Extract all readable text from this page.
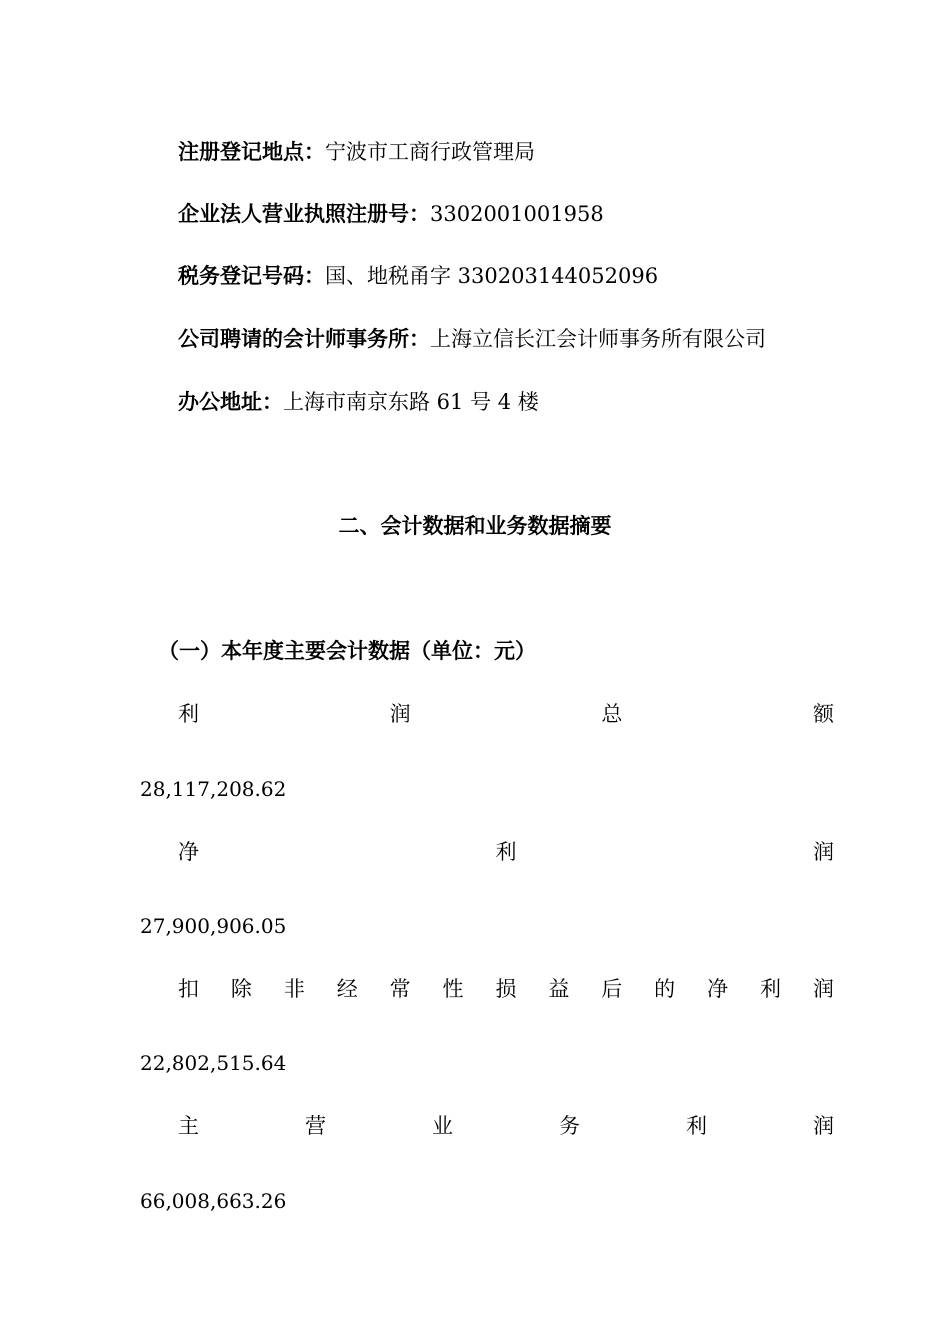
注册登记地点：宁波市工商行政管理局
企业法人营业执照注册号：3302001001958
税务登记号码：国、地税甬字 330203144052096
公司聘请的会计师事务所：上海立信长江会计师事务所有限公司
办公地址：上海市南京东路 61 号 4 楼
二、会计数据和业务数据摘要
（一）本年度主要会计数据（单位：元）
利	润	总	额
28,117,208.62
净	利	润
27,900,906.05
扣 除 非 经 常 性 损 益 后 的 净 利 润
22,802,515.64
主	营	业	务	利	润
66,008,663.26
